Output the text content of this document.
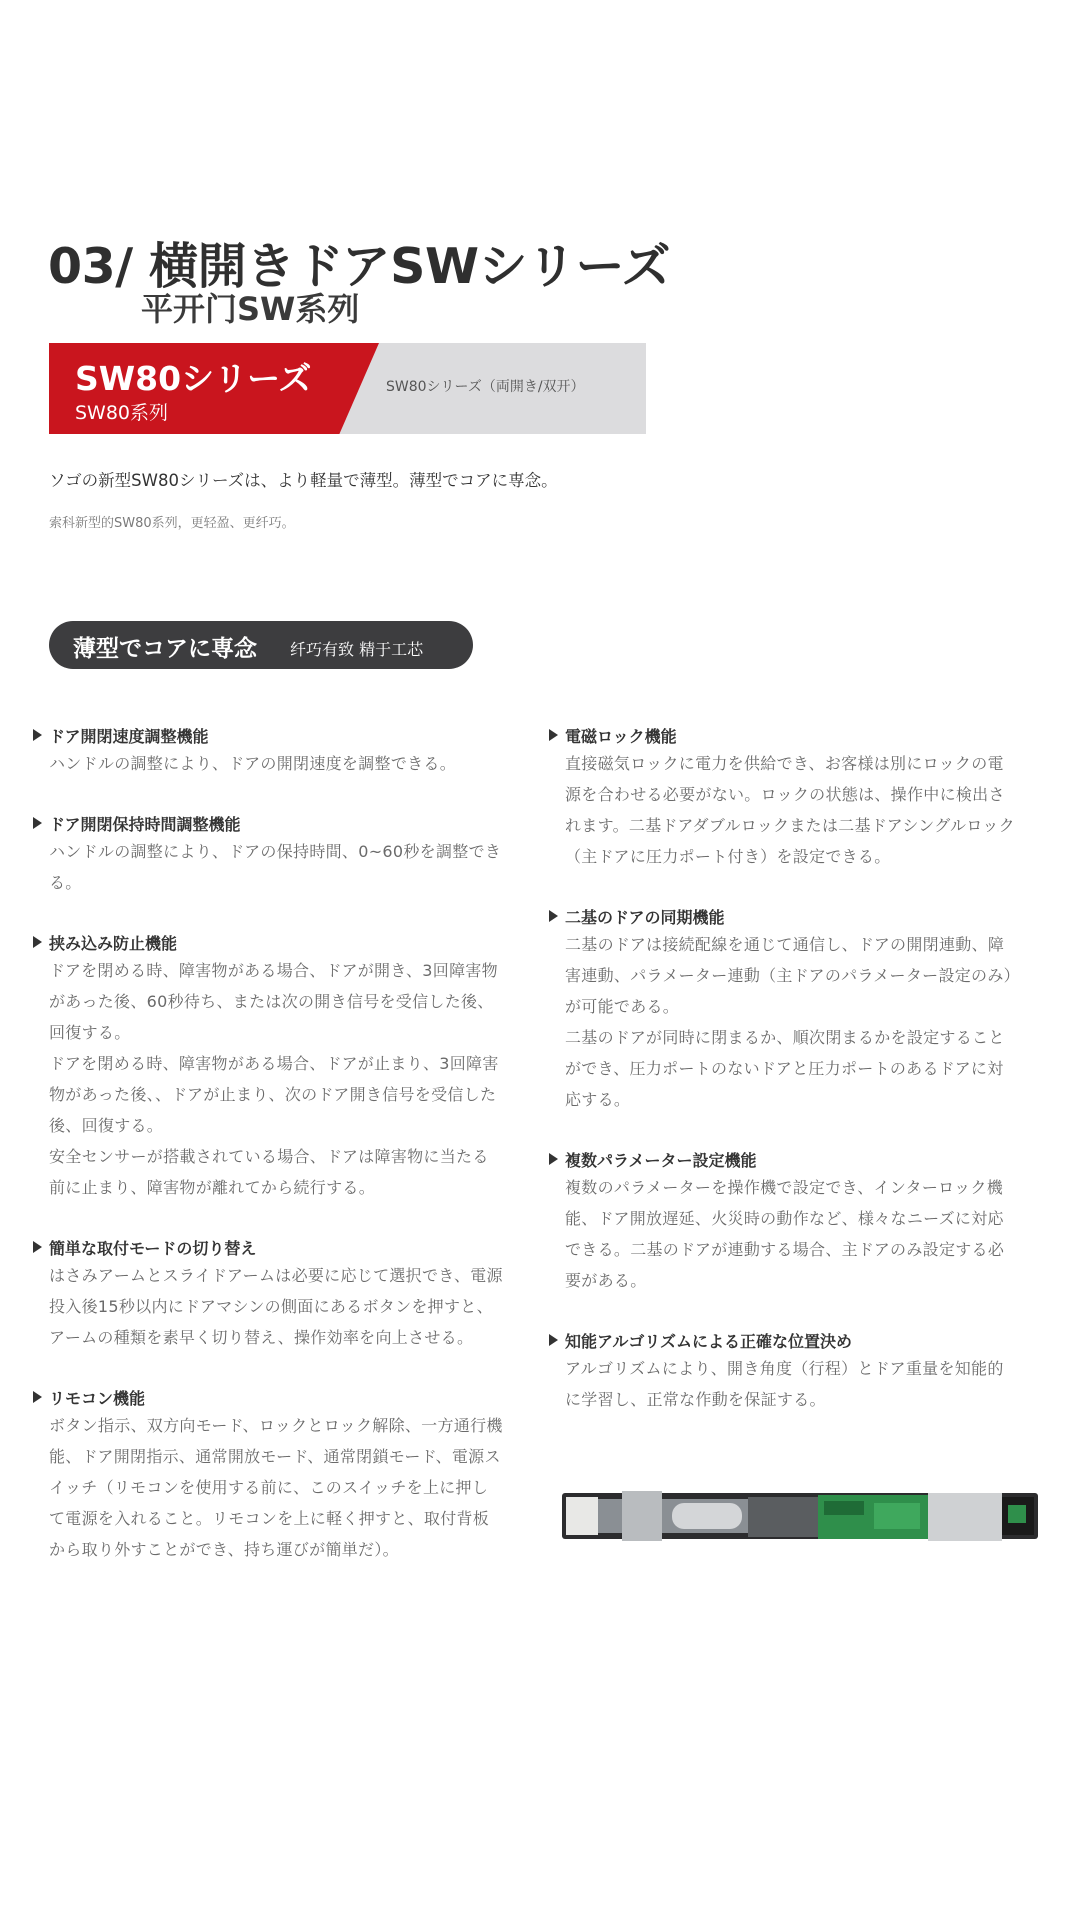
03/ 横開きドアSWシリーズ
平开门SW系列
SW80シリーズ
SW80系列
SW80シリーズ（両開き/双开）
ソゴの新型SW80シリーズは、より軽量で薄型。薄型でコアに専念。
索科新型的SW80系列，更轻盈、更纤巧。
薄型でコアに専念 纤巧有致 精于工芯
ドア開閉速度調整機能

ハンドルの調整により、ドアの開閉速度を調整できる。

ドア開閉保持時間調整機能

ハンドルの調整により、ドアの保持時間、0~60秒を調整できる。

挟み込み防止機能

ドアを閉める時、障害物がある場合、ドアが開き、3回障害物があった後、60秒待ち、または次の開き信号を受信した後、回復する。

ドアを閉める時、障害物がある場合、ドアが止まり、3回障害物があった後、、ドアが止まり、次のドア開き信号を受信した後、回復する。

安全センサーが搭載されている場合、ドアは障害物に当たる前に止まり、障害物が離れてから続行する。

簡単な取付モードの切り替え

はさみアームとスライドアームは必要に応じて選択でき、電源投入後15秒以内にドアマシンの側面にあるボタンを押すと、アームの種類を素早く切り替え、操作効率を向上させる。

リモコン機能

ボタン指示、双方向モード、ロックとロック解除、一方通行機能、ドア開閉指示、通常開放モード、通常閉鎖モード、電源スイッチ（リモコンを使用する前に、このスイッチを上に押して電源を入れること。リモコンを上に軽く押すと、取付背板から取り外すことができ、持ち運びが簡単だ）。

電磁ロック機能

直接磁気ロックに電力を供給でき、お客様は別にロックの電源を合わせる必要がない。ロックの状態は、操作中に検出されます。二基ドアダブルロックまたは二基ドアシングルロック（主ドアに圧力ポート付き）を設定できる。

二基のドアの同期機能

二基のドアは接続配線を通じて通信し、ドアの開閉連動、障害連動、パラメーター連動（主ドアのパラメーター設定のみ）が可能である。

二基のドアが同時に閉まるか、順次閉まるかを設定することができ、圧力ポートのないドアと圧力ポートのあるドアに対応する。

複数パラメーター設定機能

複数のパラメーターを操作機で設定でき、インターロック機能、ドア開放遅延、火災時の動作など、様々なニーズに対応できる。二基のドアが連動する場合、主ドアのみ設定する必要がある。

知能アルゴリズムによる正確な位置決め

アルゴリズムにより、開き角度（行程）とドア重量を知能的に学習し、正常な作動を保証する。
